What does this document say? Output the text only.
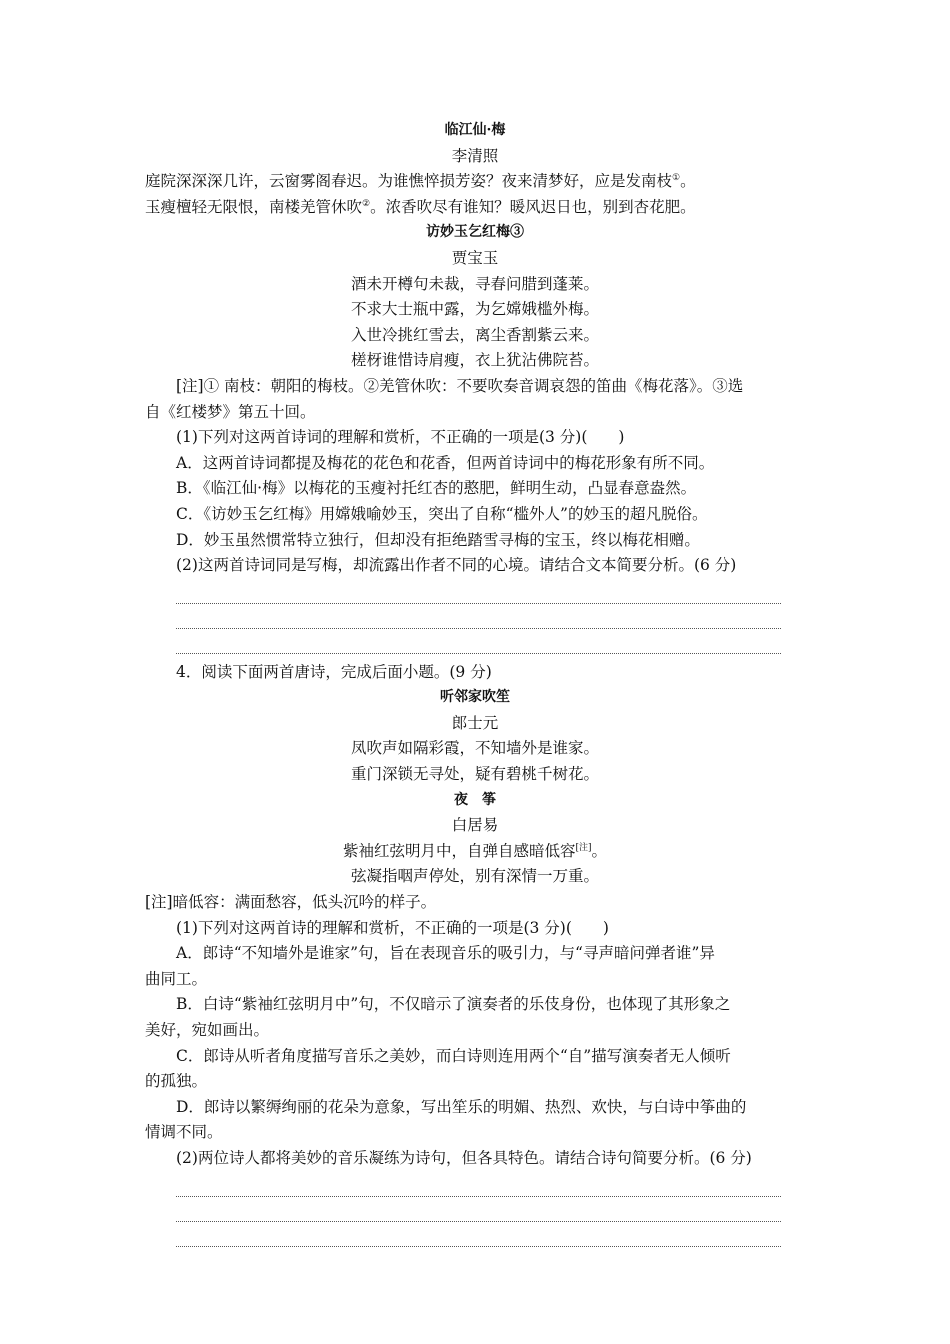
临江仙·梅

李清照

庭院深深深几许，云窗雾阁春迟。为谁憔悴损芳姿？夜来清梦好，应是发南枝①。

玉瘦檀轻无限恨，南楼羌管休吹②。浓香吹尽有谁知？暖风迟日也，别到杏花肥。

访妙玉乞红梅③

贾宝玉

酒未开樽句未裁，寻春问腊到蓬莱。

不求大士瓶中露，为乞嫦娥槛外梅。

入世冷挑红雪去，离尘香割紫云来。

槎枒谁惜诗肩瘦，衣上犹沾佛院苔。

[注]① 南枝：朝阳的梅枝。②羌管休吹：不要吹奏音调哀怨的笛曲《梅花落》。③选

自《红楼梦》第五十回。

(1)下列对这两首诗词的理解和赏析，不正确的一项是(3 分)(　　)

A．这两首诗词都提及梅花的花色和花香，但两首诗词中的梅花形象有所不同。

B．《临江仙·梅》以梅花的玉瘦衬托红杏的憨肥，鲜明生动，凸显春意盎然。

C．《访妙玉乞红梅》用嫦娥喻妙玉，突出了自称“槛外人”的妙玉的超凡脱俗。

D．妙玉虽然惯常特立独行，但却没有拒绝踏雪寻梅的宝玉，终以梅花相赠。

(2)这两首诗词同是写梅，却流露出作者不同的心境。请结合文本简要分析。(6 分)

4．阅读下面两首唐诗，完成后面小题。(9 分)

听邻家吹笙

郎士元

凤吹声如隔彩霞，不知墙外是谁家。

重门深锁无寻处，疑有碧桃千树花。

夜　筝

白居易

紫袖红弦明月中，自弹自感暗低容[注]。

弦凝指咽声停处，别有深情一万重。

[注]暗低容：满面愁容，低头沉吟的样子。

(1)下列对这两首诗的理解和赏析，不正确的一项是(3 分)(　　)

A．郎诗“不知墙外是谁家”句，旨在表现音乐的吸引力，与“寻声暗问弹者谁”异

曲同工。

B．白诗“紫袖红弦明月中”句，不仅暗示了演奏者的乐伎身份，也体现了其形象之

美好，宛如画出。

C．郎诗从听者角度描写音乐之美妙，而白诗则连用两个“自”描写演奏者无人倾听

的孤独。

D．郎诗以繁缛绚丽的花朵为意象，写出笙乐的明媚、热烈、欢快，与白诗中筝曲的

情调不同。

(2)两位诗人都将美妙的音乐凝练为诗句，但各具特色。请结合诗句简要分析。(6 分)
